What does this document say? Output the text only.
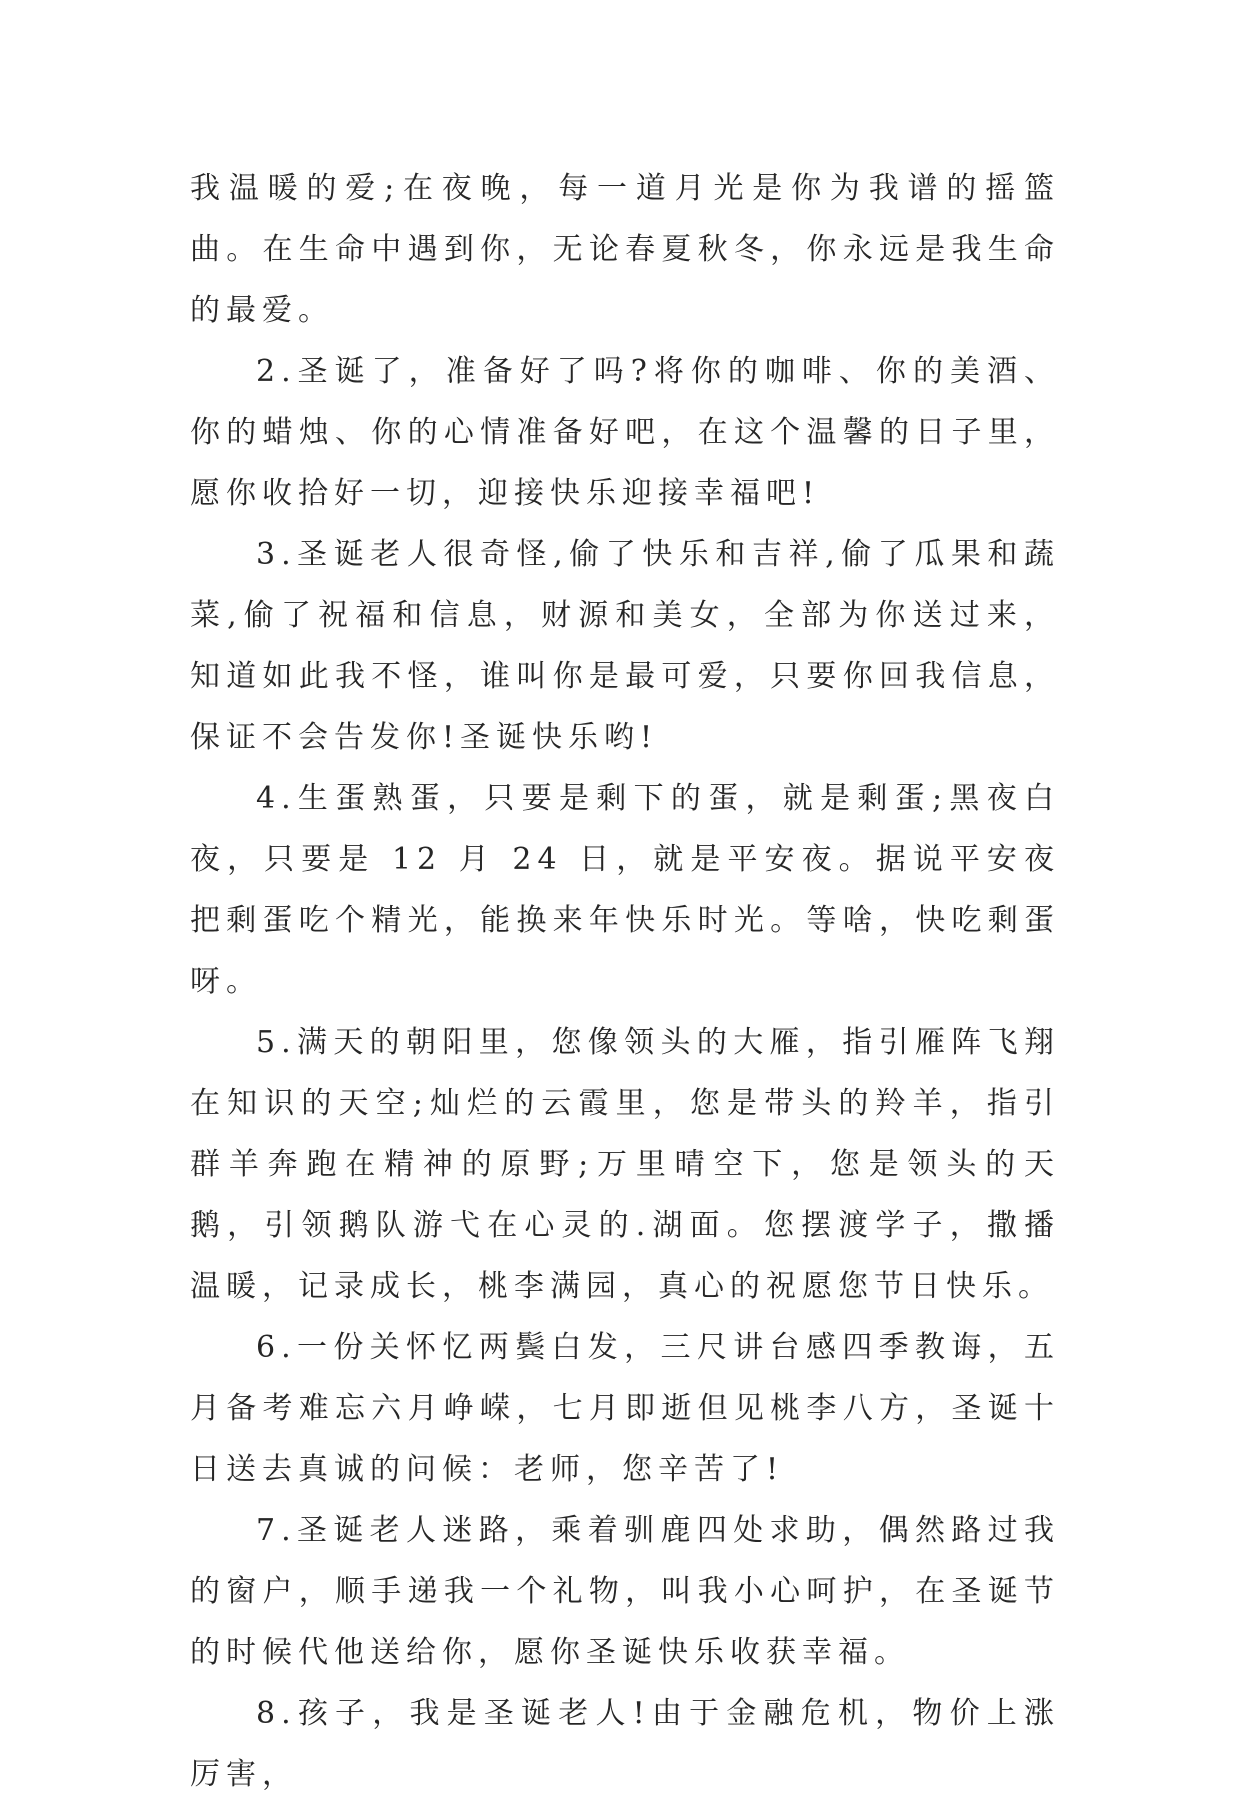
我温暖的爱;在夜晚，每一道月光是你为我谱的摇篮曲。在生命中遇到你，无论春夏秋冬，你永远是我生命的最爱。

2.圣诞了，准备好了吗?将你的咖啡、你的美酒、你的蜡烛、你的心情准备好吧，在这个温馨的日子里，愿你收拾好一切，迎接快乐迎接幸福吧!

3.圣诞老人很奇怪,偷了快乐和吉祥,偷了瓜果和蔬菜,偷了祝福和信息，财源和美女，全部为你送过来，知道如此我不怪，谁叫你是最可爱，只要你回我信息，保证不会告发你!圣诞快乐哟!

4.生蛋熟蛋，只要是剩下的蛋，就是剩蛋;黑夜白夜，只要是 12 月 24 日，就是平安夜。据说平安夜把剩蛋吃个精光，能换来年快乐时光。等啥，快吃剩蛋呀。

5.满天的朝阳里，您像领头的大雁，指引雁阵飞翔在知识的天空;灿烂的云霞里，您是带头的羚羊，指引群羊奔跑在精神的原野;万里晴空下，您是领头的天鹅，引领鹅队游弋在心灵的.湖面。您摆渡学子，撒播温暖，记录成长，桃李满园，真心的祝愿您节日快乐。

6.一份关怀忆两鬓白发，三尺讲台感四季教诲，五月备考难忘六月峥嵘，七月即逝但见桃李八方，圣诞十日送去真诚的问候：老师，您辛苦了!

7.圣诞老人迷路，乘着驯鹿四处求助，偶然路过我的窗户，顺手递我一个礼物，叫我小心呵护，在圣诞节的时候代他送给你，愿你圣诞快乐收获幸福。

8.孩子，我是圣诞老人!由于金融危机，物价上涨厉害，
